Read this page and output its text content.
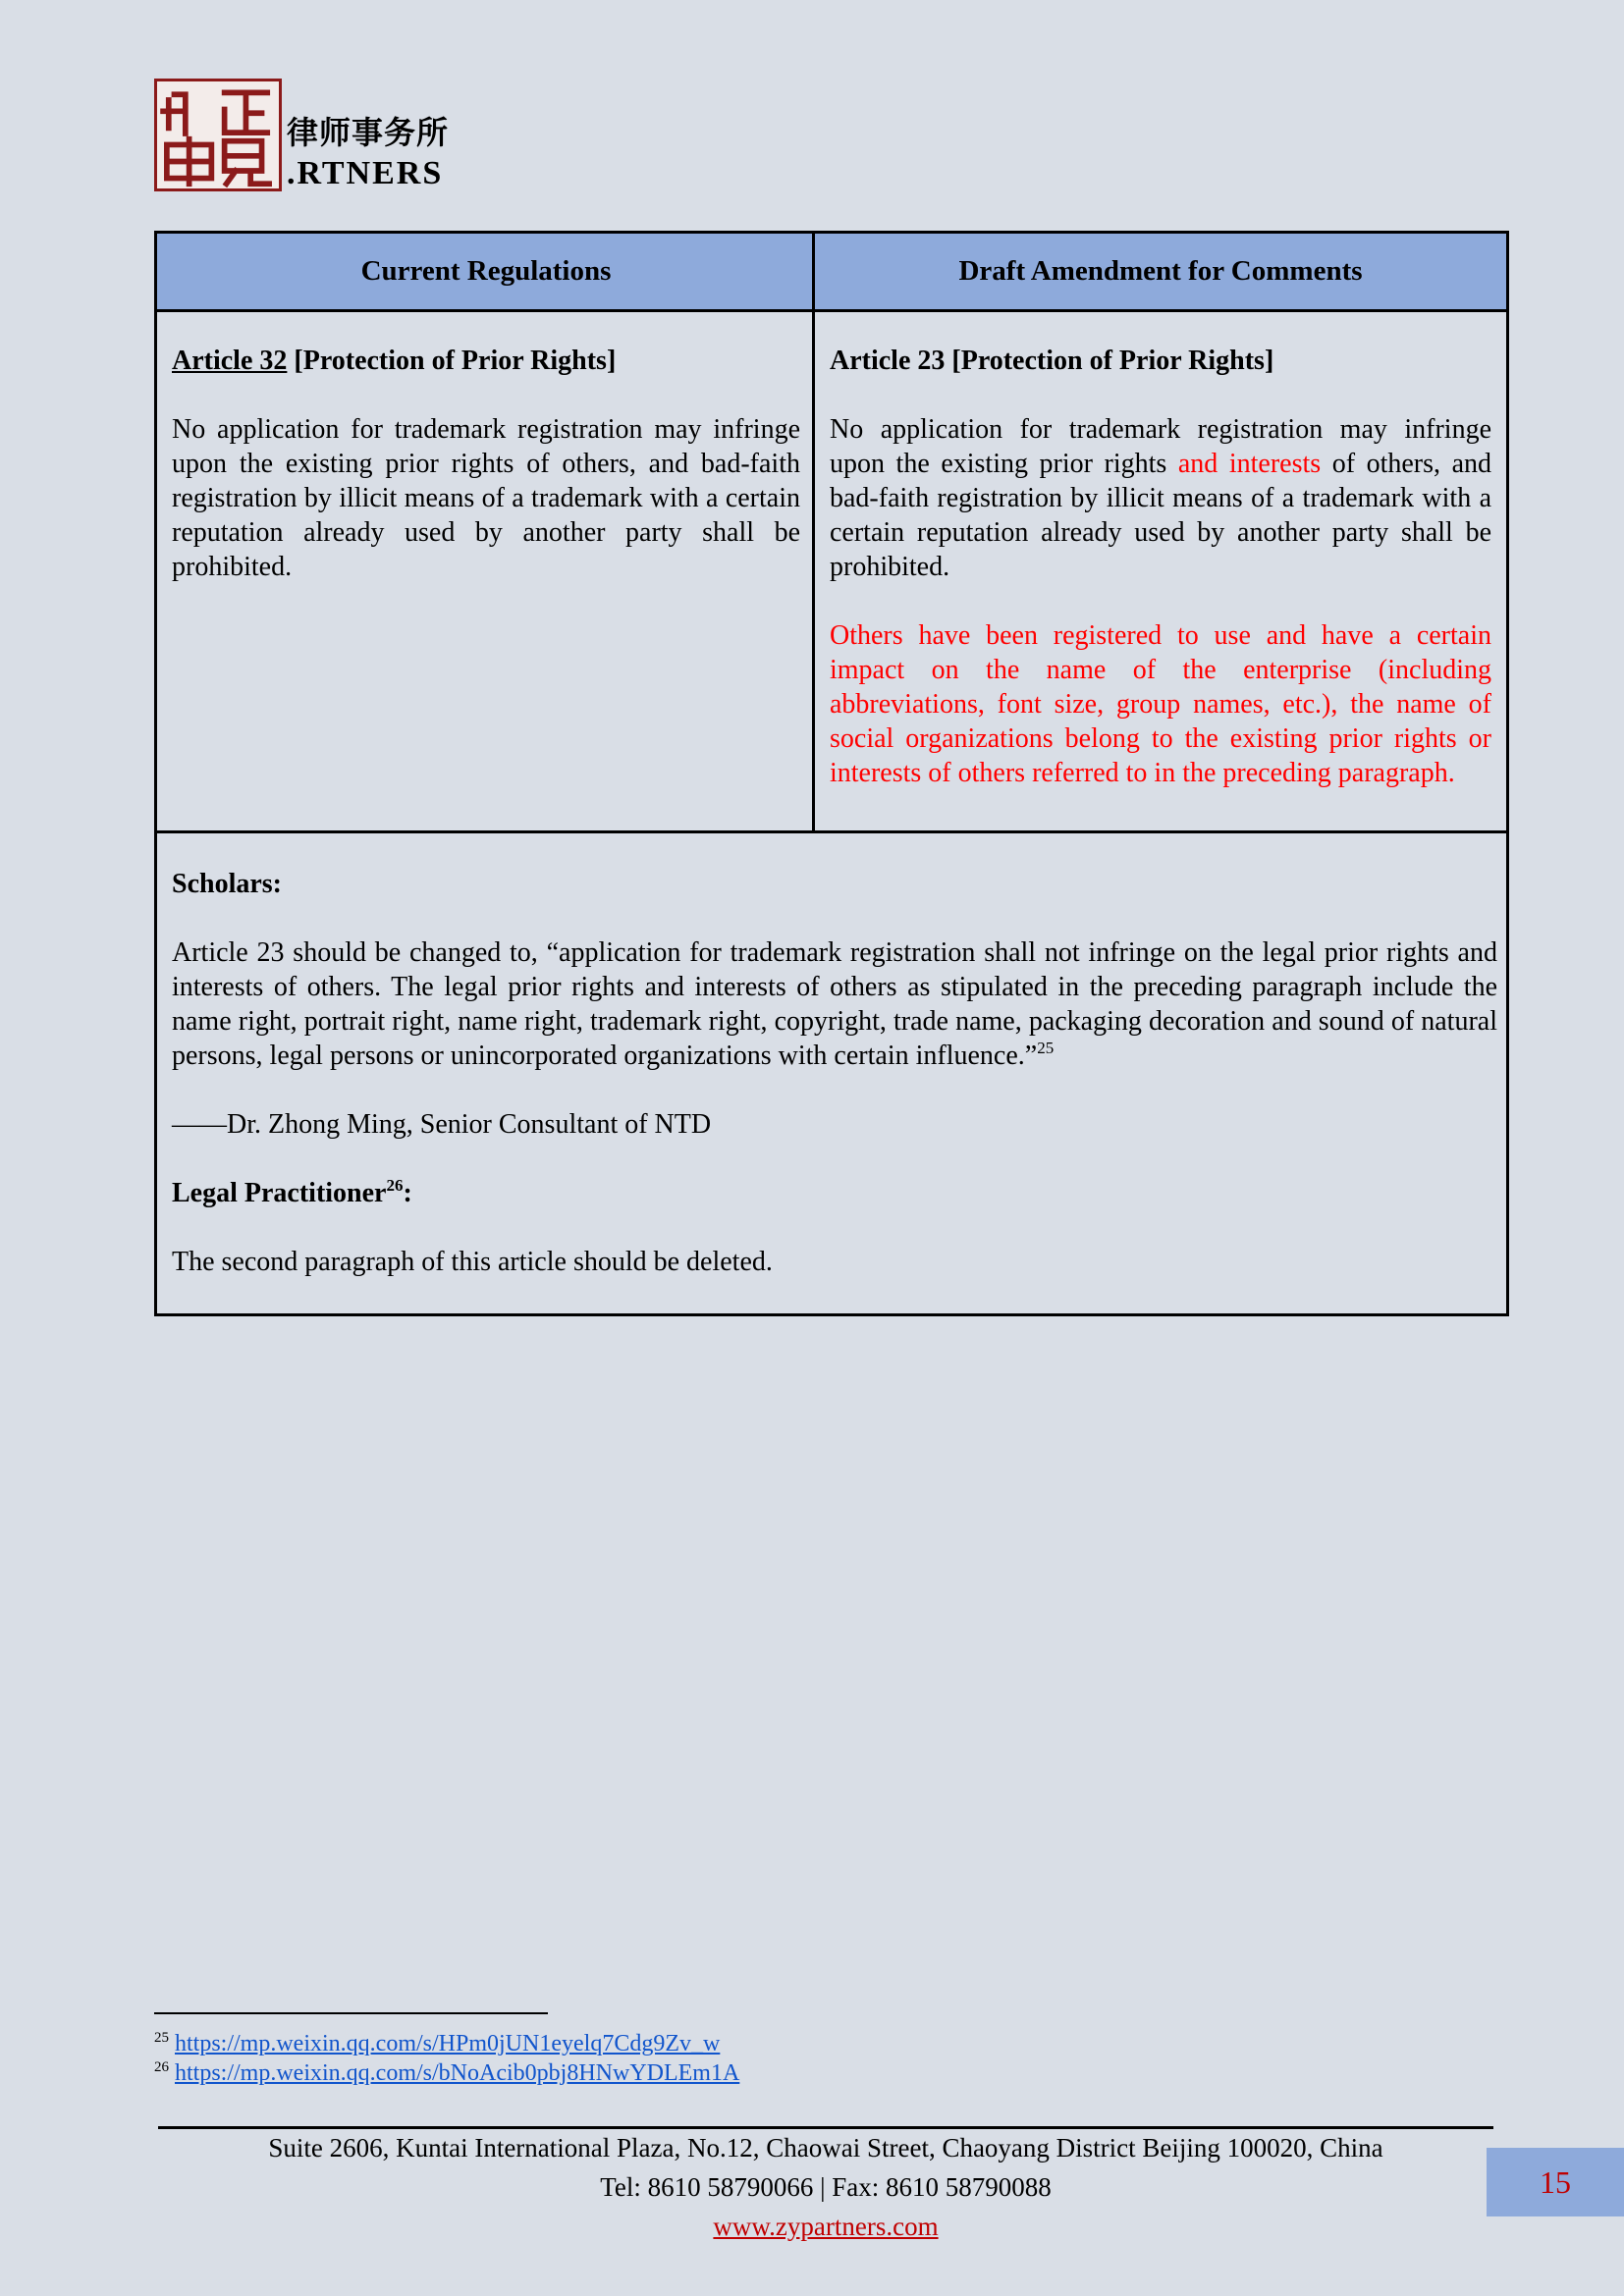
律师事务所
.RTNERS
Current Regulations	Draft Amendment for Comments

Article 32 [Protection of Prior Rights]

No application for trademark registration may infringe upon the existing prior rights of others, and bad-faith registration by illicit means of a trademark with a certain reputation already used by another party shall be prohibited.

Article 23 [Protection of Prior Rights]

No application for trademark registration may infringe upon the existing prior rights and interests of others, and bad-faith registration by illicit means of a trademark with a certain reputation already used by another party shall be prohibited.

Others have been registered to use and have a certain impact on the name of the enterprise (including abbreviations, font size, group names, etc.), the name of social organizations belong to the existing prior rights or interests of others referred to in the preceding paragraph.

Scholars:

Article 23 should be changed to, “application for trademark registration shall not infringe on the legal prior rights and interests of others. The legal prior rights and interests of others as stipulated in the preceding paragraph include the name right, portrait right, name right, trademark right, copyright, trade name, packaging decoration and sound of natural persons, legal persons or unincorporated organizations with certain influence.”$^{25}$

——Dr. Zhong Ming, Senior Consultant of NTD

Legal Practitioner$^{26}$:

The second paragraph of this article should be deleted.

$^{25}$ https://mp.weixin.qq.com/s/HPm0jUN1eyelq7Cdg9Zv_w
$^{26}$ https://mp.weixin.qq.com/s/bNoAcib0pbj8HNwYDLEm1A
Suite 2606, Kuntai International Plaza, No.12, Chaowai Street, Chaoyang District Beijing 100020, China
Tel: 8610 58790066 | Fax: 8610 58790088
www.zypartners.com
15
